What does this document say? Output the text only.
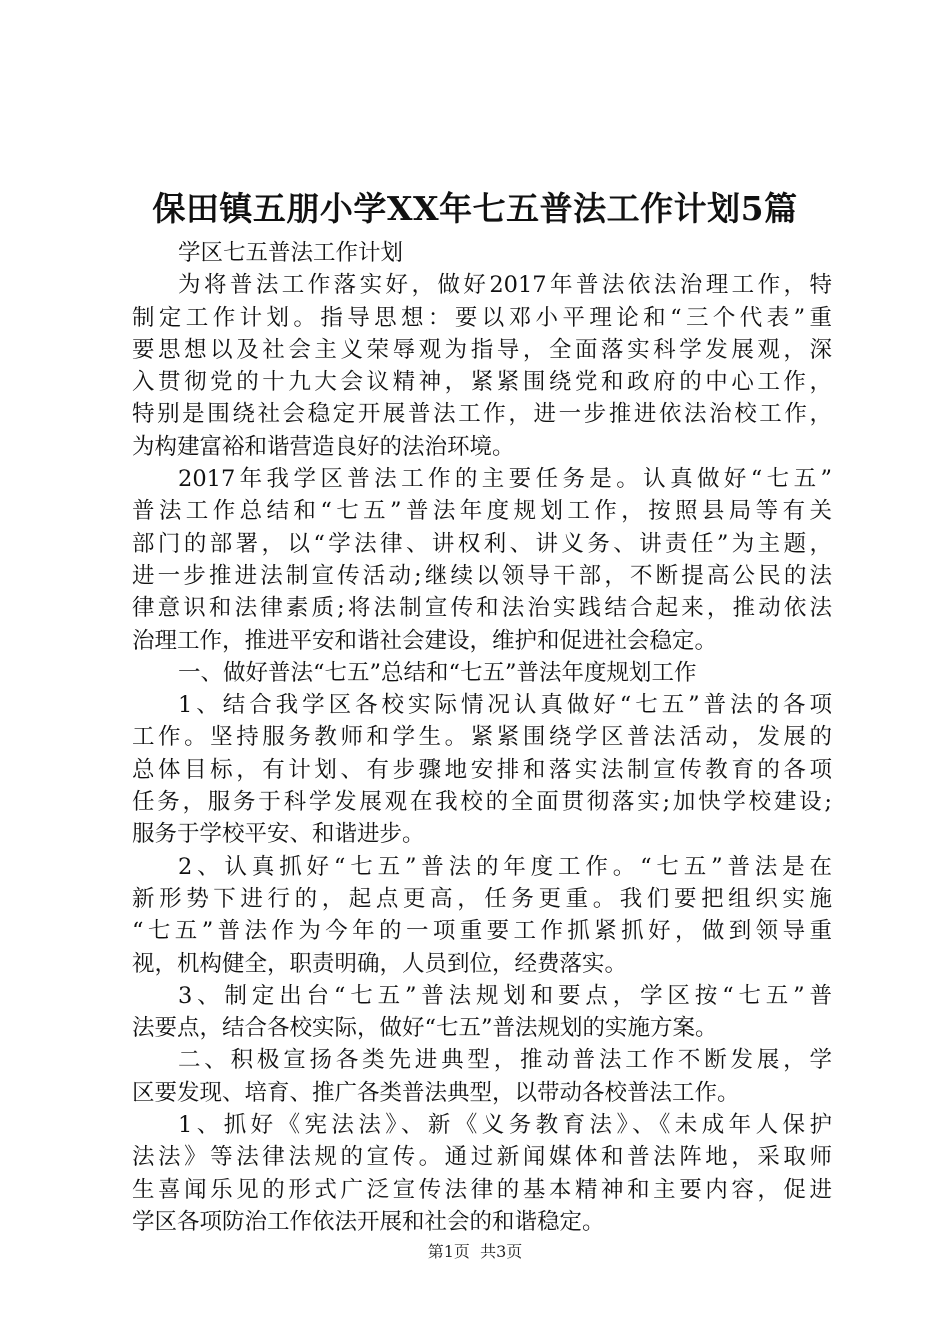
保田镇五朋小学XX年七五普法工作计划5篇
学区七五普法工作计划
为将普法工作落实好，做好2017年普法依法治理工作，特
制定工作计划。指导思想：要以邓小平理论和“三个代表”重
要思想以及社会主义荣辱观为指导，全面落实科学发展观，深
入贯彻党的十九大会议精神，紧紧围绕党和政府的中心工作，
特别是围绕社会稳定开展普法工作，进一步推进依法治校工作，
为构建富裕和谐营造良好的法治环境。
2017年我学区普法工作的主要任务是。认真做好“七五”
普法工作总结和“七五”普法年度规划工作，按照县局等有关
部门的部署，以“学法律、讲权利、讲义务、讲责任”为主题，
进一步推进法制宣传活动;继续以领导干部，不断提高公民的法
律意识和法律素质;将法制宣传和法治实践结合起来，推动依法
治理工作，推进平安和谐社会建设，维护和促进社会稳定。
一、做好普法“七五”总结和“七五”普法年度规划工作
1、结合我学区各校实际情况认真做好“七五”普法的各项
工作。坚持服务教师和学生。紧紧围绕学区普法活动，发展的
总体目标，有计划、有步骤地安排和落实法制宣传教育的各项
任务，服务于科学发展观在我校的全面贯彻落实;加快学校建设;
服务于学校平安、和谐进步。
2、认真抓好“七五”普法的年度工作。“七五”普法是在
新形势下进行的，起点更高，任务更重。我们要把组织实施
“七五”普法作为今年的一项重要工作抓紧抓好，做到领导重
视，机构健全，职责明确，人员到位，经费落实。
3、制定出台“七五”普法规划和要点，学区按“七五”普
法要点，结合各校实际，做好“七五”普法规划的实施方案。
二、积极宣扬各类先进典型，推动普法工作不断发展，学
区要发现、培育、推广各类普法典型，以带动各校普法工作。
1、抓好《宪法法》、新《义务教育法》、《未成年人保护
法法》等法律法规的宣传。通过新闻媒体和普法阵地，采取师
生喜闻乐见的形式广泛宣传法律的基本精神和主要内容，促进
学区各项防治工作依法开展和社会的和谐稳定。
第1页  共3页
